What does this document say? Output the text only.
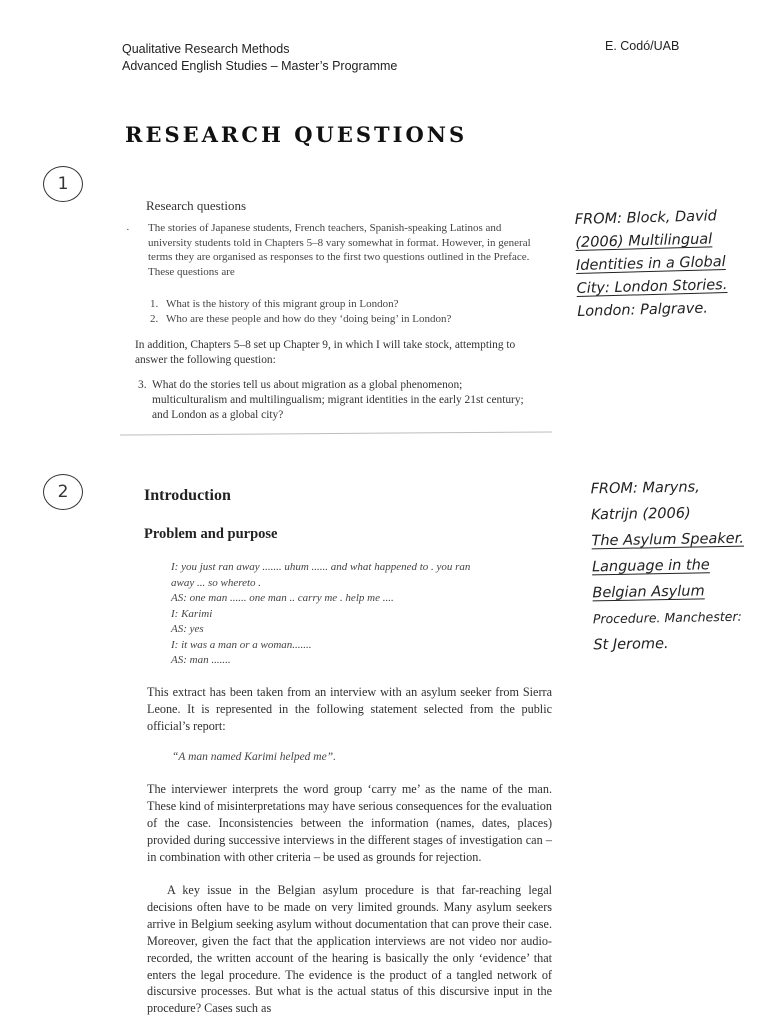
Qualitative Research Methods
Advanced English Studies – Master’s Programme
E. Codó/UAB
RESEARCH QUESTIONS
1
Research questions
· The stories of Japanese students, French teachers, Spanish-speaking Latinos and university students told in Chapters 5–8 vary somewhat in format. However, in general terms they are organised as responses to the first two questions outlined in the Preface. These questions are
1. What is the history of this migrant group in London?
2. Who are these people and how do they ‘doing being’ in London?
In addition, Chapters 5–8 set up Chapter 9, in which I will take stock, attempting to answer the following question:
3. What do the stories tell us about migration as a global phenomenon; multiculturalism and multilingualism; migrant identities in the early 21st century; and London as a global city?
FROM: Block, David
(2006) Multilingual
Identities in a Global
City: London Stories.
London: Palgrave.
2	Introduction
Problem and purpose
I: you just ran away ....... uhum ...... and what happened to . you ran
away ... so whereto .
AS: one man ...... one man .. carry me . help me ....
I: Karimi
AS: yes
I: it was a man or a woman.......
AS: man .......
This extract has been taken from an interview with an asylum seeker from Sierra Leone. It is represented in the following statement selected from the public official’s report:
“A man named Karimi helped me”.
The interviewer interprets the word group ‘carry me’ as the name of the man. These kind of misinterpretations may have serious consequences for the evaluation of the case. Inconsistencies between the information (names, dates, places) provided during successive interviews in the different stages of investigation can – in combination with other criteria – be used as grounds for rejection.
A key issue in the Belgian asylum procedure is that far-reaching legal decisions often have to be made on very limited grounds. Many asylum seekers arrive in Belgium seeking asylum without documentation that can prove their case. Moreover, given the fact that the application interviews are not video nor audio-recorded, the written account of the hearing is basically the only ‘evidence’ that enters the legal procedure. The evidence is the product of a tangled network of discursive processes. But what is the actual status of this discursive input in the procedure? Cases such as
FROM: Maryns,
Katrijn (2006)
The Asylum Speaker.
Language in the
Belgian Asylum
Procedure. Manchester:
St Jerome.
